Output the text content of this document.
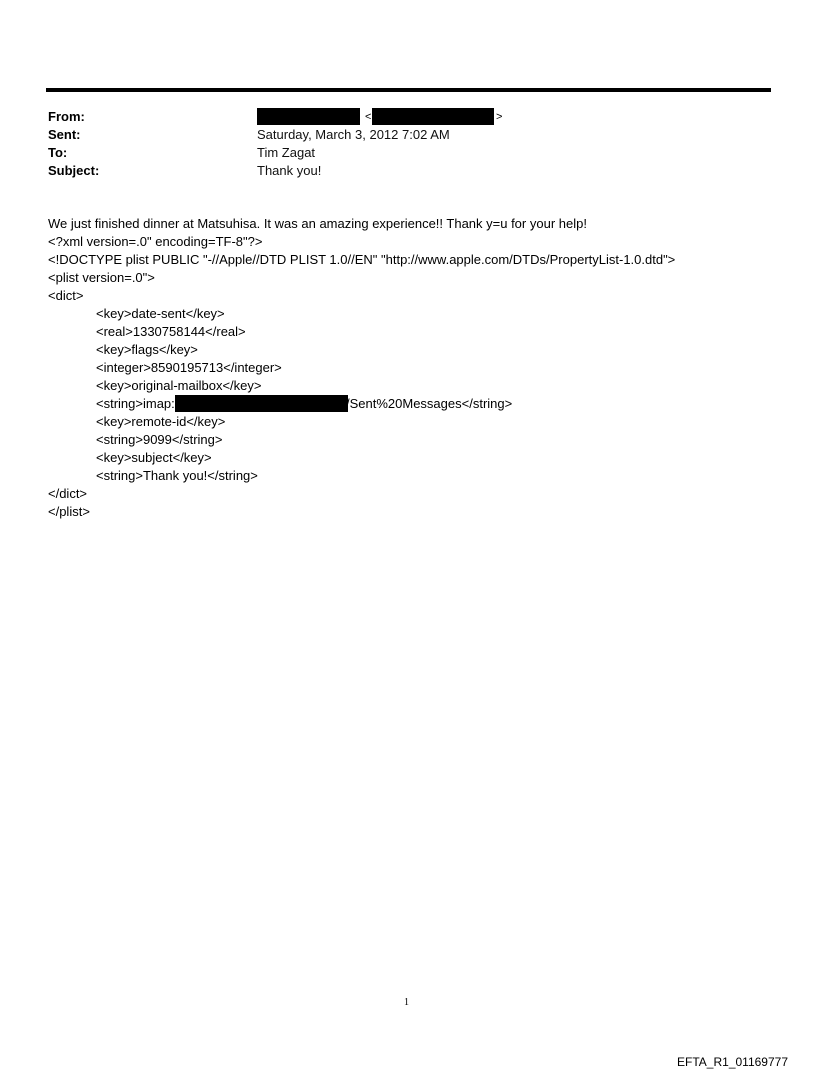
From:	<	>
Sent:	Saturday, March 3, 2012 7:02 AM
To:	Tim Zagat
Subject:	Thank you!
We just finished dinner at Matsuhisa. It was an amazing experience!! Thank y=u for your help!
<?xml version=.0" encoding=TF-8"?>
<!DOCTYPE plist PUBLIC "-//Apple//DTD PLIST 1.0//EN" "http://www.apple.com/DTDs/PropertyList-1.0.dtd">
<plist version=.0">
<dict>
<key>date-sent</key>
<real>1330758144</real>
<key>flags</key>
<integer>8590195713</integer>
<key>original-mailbox</key>
<string>imap:	/Sent%20Messages</string>
<key>remote-id</key>
<string>9099</string>
<key>subject</key>
<string>Thank you!</string>
</dict>
</plist>
1
EFTA_R1_01169777
